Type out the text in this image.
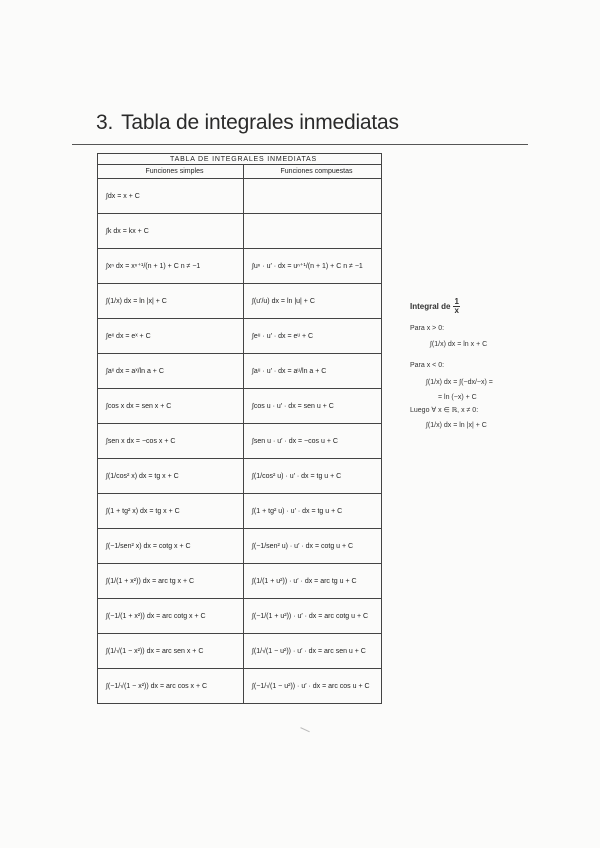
3. Tabla de integrales inmediatas
TABLA DE INTEGRALES INMEDIATAS	
Funciones simples	Funciones compuestas
∫dx = x + C	
∫k dx = kx + C	
∫xⁿ dx = xⁿ⁺¹/(n + 1) + C n ≠ −1	∫uⁿ · u′ · dx = uⁿ⁺¹/(n + 1) + C n ≠ −1
∫(1/x) dx = ln |x| + C	∫(u′/u) dx = ln |u| + C
∫eˣ dx = eˣ + C	∫eᵘ · u′ · dx = eᵘ + C
∫aˣ dx = aˣ/ln a + C	∫aᵘ · u′ · dx = aᵘ/ln a + C
∫cos x dx = sen x + C	∫cos u · u′ · dx = sen u + C
∫sen x dx = −cos x + C	∫sen u · u′ · dx = −cos u + C
∫(1/cos² x) dx = tg x + C	∫(1/cos² u) · u′ · dx = tg u + C
∫(1 + tg² x) dx = tg x + C	∫(1 + tg² u) · u′ · dx = tg u + C
∫(−1/sen² x) dx = cotg x + C	∫(−1/sen² u) · u′ · dx = cotg u + C
∫(1/(1 + x²)) dx = arc tg x + C	∫(1/(1 + u²)) · u′ · dx = arc tg u + C
∫(−1/(1 + x²)) dx = arc cotg x + C	∫(−1/(1 + u²)) · u′ · dx = arc cotg u + C
∫(1/√(1 − x²)) dx = arc sen x + C	∫(1/√(1 − u²)) · u′ · dx = arc sen u + C
∫(−1/√(1 − x²)) dx = arc cos x + C	∫(−1/√(1 − u²)) · u′ · dx = arc cos u + C
Integral de $\frac{1}{x}$
Para x > 0:
∫(1/x) dx = ln x + C
Para x < 0:
∫(1/x) dx = ∫(−dx/−x) =
= ln (−x) + C
Luego ∀ x ∈ ℝ, x ≠ 0:
∫(1/x) dx = ln |x| + C
